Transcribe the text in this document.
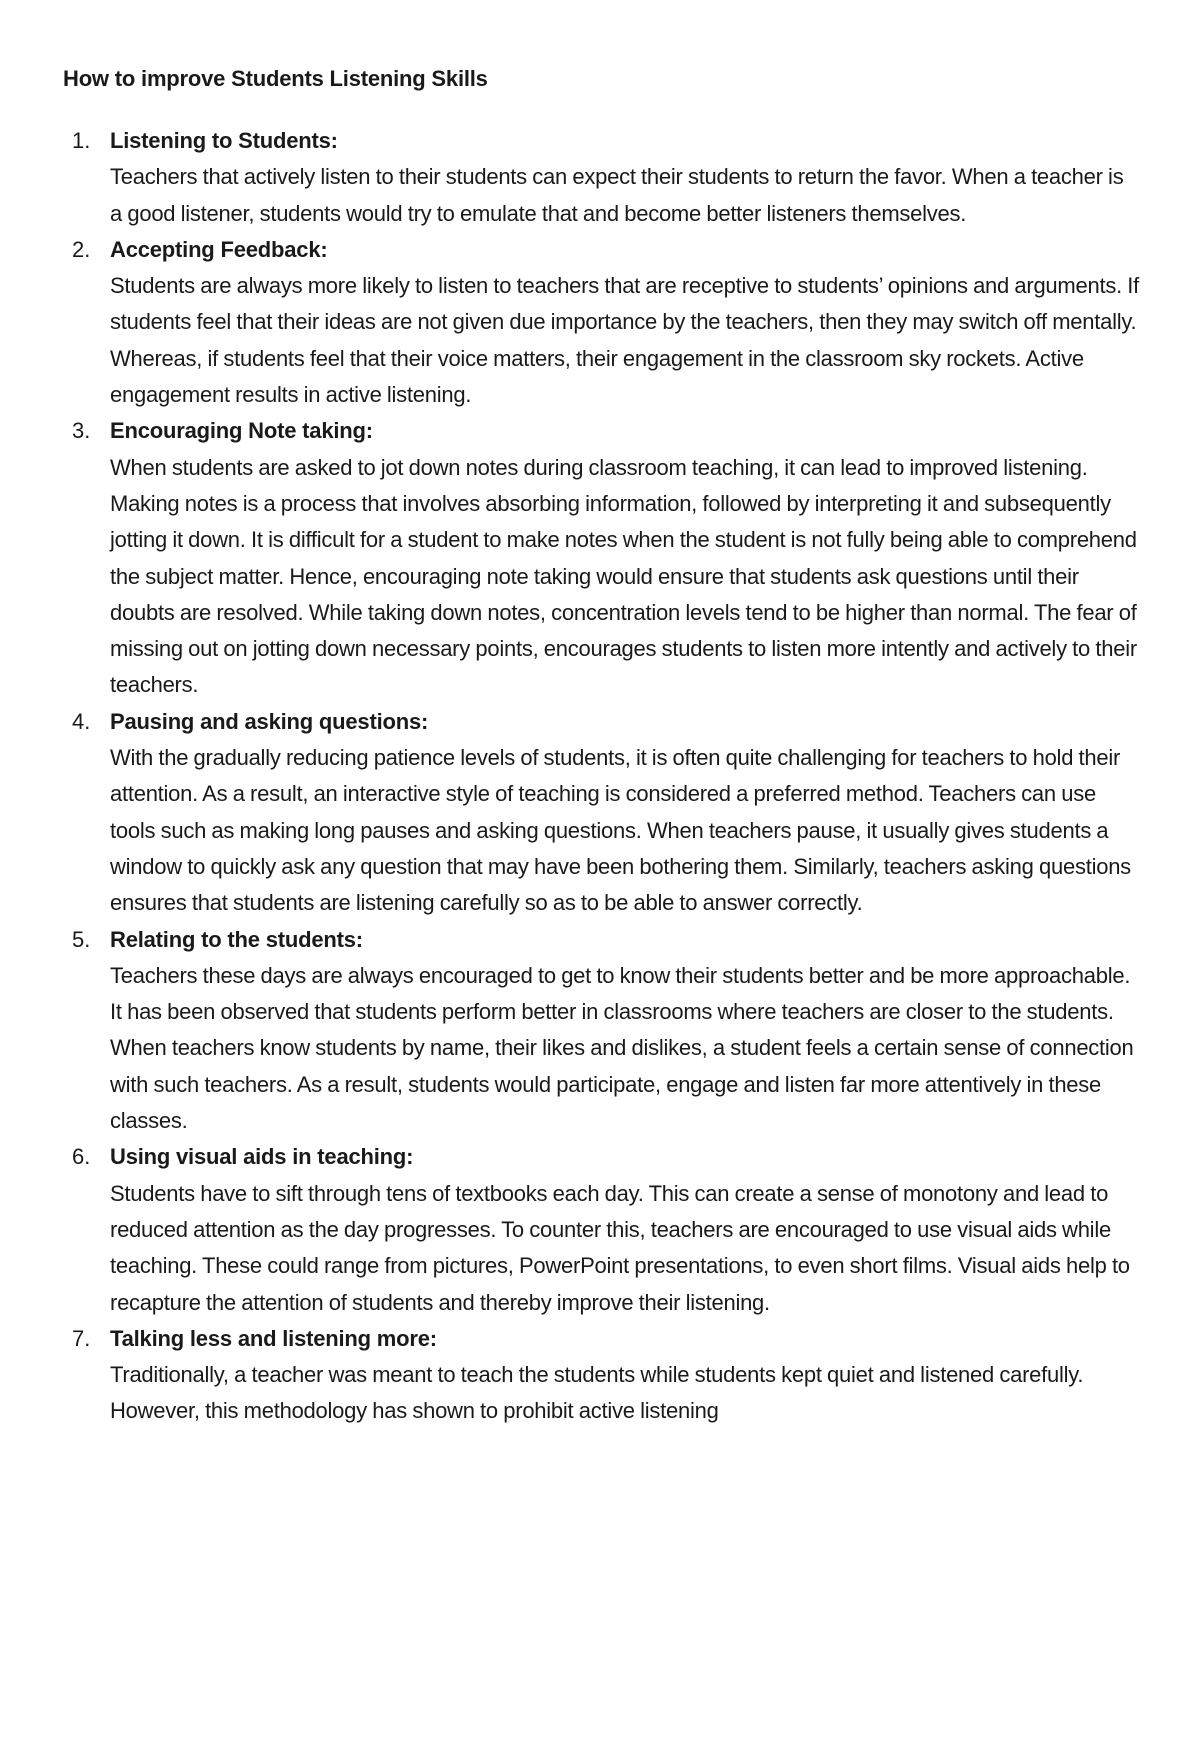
How to improve Students Listening Skills
1. Listening to Students:

Teachers that actively listen to their students can expect their students to return the favor. When a teacher is a good listener, students would try to emulate that and become better listeners themselves.

2. Accepting Feedback:

Students are always more likely to listen to teachers that are receptive to students’ opinions and arguments. If students feel that their ideas are not given due importance by the teachers, then they may switch off mentally. Whereas, if students feel that their voice matters, their engagement in the classroom sky rockets. Active engagement results in active listening.

3. Encouraging Note taking:

When students are asked to jot down notes during classroom teaching, it can lead to improved listening. Making notes is a process that involves absorbing information, followed by interpreting it and subsequently jotting it down. It is difficult for a student to make notes when the student is not fully being able to comprehend the subject matter. Hence, encouraging note taking would ensure that students ask questions until their doubts are resolved. While taking down notes, concentration levels tend to be higher than normal. The fear of missing out on jotting down necessary points, encourages students to listen more intently and actively to their teachers.

4. Pausing and asking questions:

With the gradually reducing patience levels of students, it is often quite challenging for teachers to hold their attention. As a result, an interactive style of teaching is considered a preferred method. Teachers can use tools such as making long pauses and asking questions. When teachers pause, it usually gives students a window to quickly ask any question that may have been bothering them. Similarly, teachers asking questions ensures that students are listening carefully so as to be able to answer correctly.

5. Relating to the students:

Teachers these days are always encouraged to get to know their students better and be more approachable. It has been observed that students perform better in classrooms where teachers are closer to the students. When teachers know students by name, their likes and dislikes, a student feels a certain sense of connection with such teachers. As a result, students would participate, engage and listen far more attentively in these classes.

6. Using visual aids in teaching:

Students have to sift through tens of textbooks each day. This can create a sense of monotony and lead to reduced attention as the day progresses. To counter this, teachers are encouraged to use visual aids while teaching. These could range from pictures, PowerPoint presentations, to even short films. Visual aids help to recapture the attention of students and thereby improve their listening.

7. Talking less and listening more:

Traditionally, a teacher was meant to teach the students while students kept quiet and listened carefully. However, this methodology has shown to prohibit active listening
